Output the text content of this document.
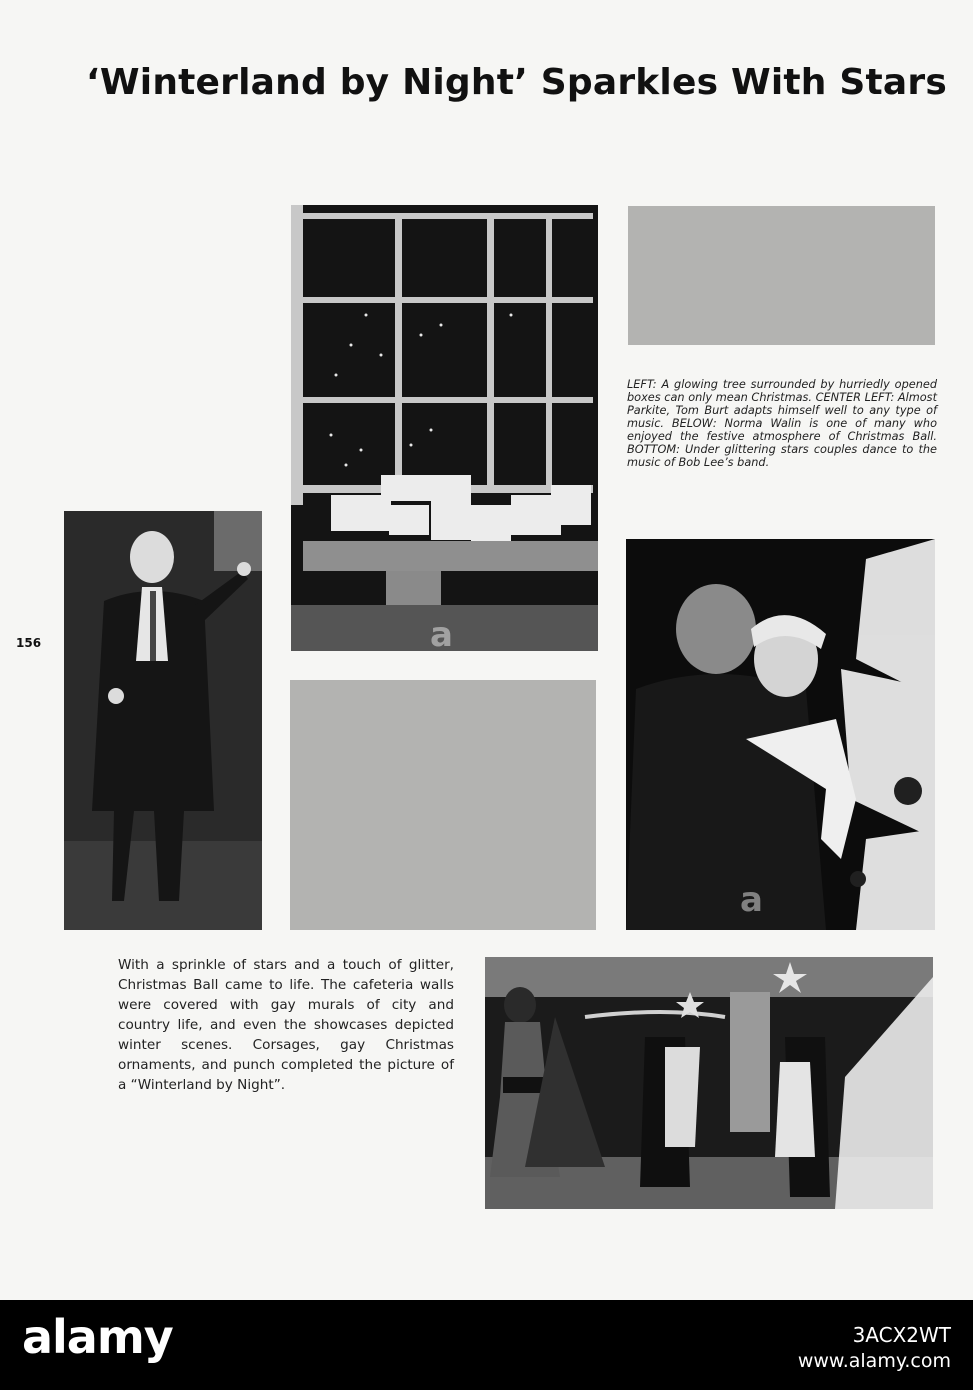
‘Winterland by Night’ Sparkles With Stars
LEFT: A glowing tree surrounded by hurriedly opened boxes can only mean Christmas. CENTER LEFT: Almost Parkite, Tom Burt adapts himself well to any type of music. BELOW: Norma Walin is one of many who enjoyed the festive atmosphere of Christmas Ball. BOTTOM: Under glittering stars couples dance to the music of Bob Lee’s band.
156
With a sprinkle of stars and a touch of glitter, Christmas Ball came to life. The cafeteria walls were covered with gay murals of city and country life, and even the showcases depicted winter scenes. Corsages, gay Christmas ornaments, and punch completed the picture of a “Winterland by Night”.
a
a
alamy	3ACX2WT
www.alamy.com
